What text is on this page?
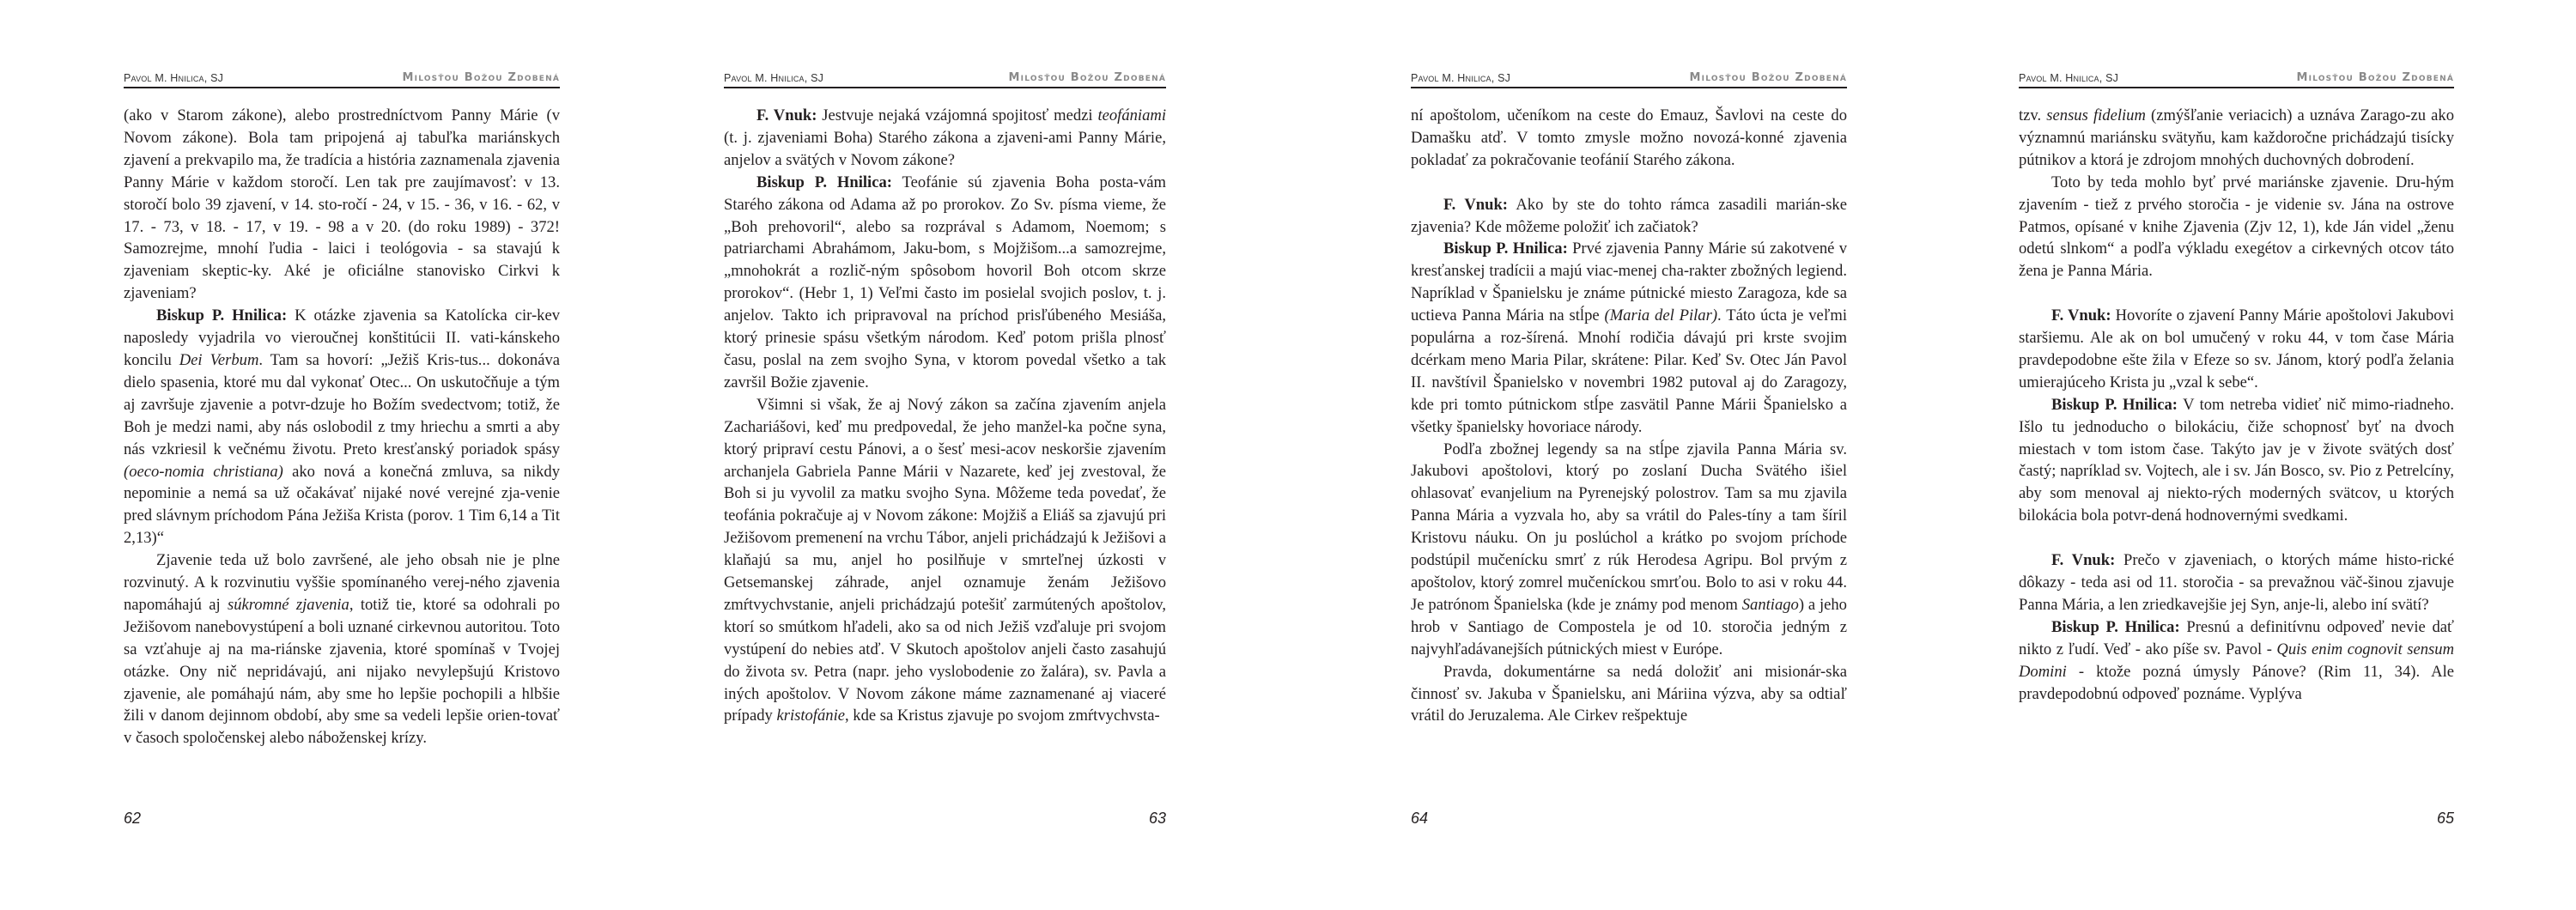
Pavol M. Hnilica, SJ	Milosťou Božou Zdobená

(ako v Starom zákone), alebo prostredníctvom Panny Márie (v Novom zákone). Bola tam pripojená aj tabuľka mariánskych zjavení a prekvapilo ma, že tradícia a história zaznamenala zjavenia Panny Márie v každom storočí. Len tak pre zaujímavosť: v 13. storočí bolo 39 zjavení, v 14. sto-ročí - 24, v 15. - 36, v 16. - 62, v 17. - 73, v 18. - 17, v 19. - 98 a v 20. (do roku 1989) - 372! Samozrejme, mnohí ľudia - laici i teológovia - sa stavajú k zjaveniam skeptic-ky. Aké je oficiálne stanovisko Cirkvi k zjaveniam?

Biskup P. Hnilica: K otázke zjavenia sa Katolícka cir-kev naposledy vyjadrila vo vieroučnej konštitúcii II. vati-kánskeho koncilu Dei Verbum. Tam sa hovorí: „Ježiš Kris-tus... dokonáva dielo spasenia, ktoré mu dal vykonať Otec... On uskutočňuje a tým aj završuje zjavenie a potvr-dzuje ho Božím svedectvom; totiž, že Boh je medzi nami, aby nás oslobodil z tmy hriechu a smrti a aby nás vzkriesil k večnému životu. Preto kresťanský poriadok spásy (oeco-nomia christiana) ako nová a konečná zmluva, sa nikdy nepominie a nemá sa už očakávať nijaké nové verejné zja-venie pred slávnym príchodom Pána Ježiša Krista (porov. 1 Tim 6,14 a Tit 2,13)“

Zjavenie teda už bolo završené, ale jeho obsah nie je plne rozvinutý. A k rozvinutiu vyššie spomínaného verej-ného zjavenia napomáhajú aj súkromné zjavenia, totiž tie, ktoré sa odohrali po Ježišovom nanebovystúpení a boli uznané cirkevnou autoritou. Toto sa vzťahuje aj na ma-riánske zjavenia, ktoré spomínaš v Tvojej otázke. Ony nič nepridávajú, ani nijako nevylepšujú Kristovo zjavenie, ale pomáhajú nám, aby sme ho lepšie pochopili a hlbšie žili v danom dejinnom období, aby sme sa vedeli lepšie orien-tovať v časoch spoločenskej alebo náboženskej krízy.

62
Pavol M. Hnilica, SJ	Milosťou Božou Zdobená

F. Vnuk: Jestvuje nejaká vzájomná spojitosť medzi teofániami (t. j. zjaveniami Boha) Starého zákona a zjaveni-ami Panny Márie, anjelov a svätých v Novom zákone?

Biskup P. Hnilica: Teofánie sú zjavenia Boha posta-vám Starého zákona od Adama až po prorokov. Zo Sv. písma vieme, že „Boh prehovoril“, alebo sa rozprával s Adamom, Noemom; s patriarchami Abrahámom, Jaku-bom, s Mojžišom...a samozrejme, „mnohokrát a rozlič-ným spôsobom hovoril Boh otcom skrze prorokov“. (Hebr 1, 1) Veľmi často im posielal svojich poslov, t. j. anjelov. Takto ich pripravoval na príchod prisľúbeného Mesiáša, ktorý prinesie spásu všetkým národom. Keď potom prišla plnosť času, poslal na zem svojho Syna, v ktorom povedal všetko a tak završil Božie zjavenie.

Všimni si však, že aj Nový zákon sa začína zjavením anjela Zachariášovi, keď mu predpovedal, že jeho manžel-ka počne syna, ktorý pripraví cestu Pánovi, a o šesť mesi-acov neskoršie zjavením archanjela Gabriela Panne Márii v Nazarete, keď jej zvestoval, že Boh si ju vyvolil za matku svojho Syna. Môžeme teda povedať, že teofánia pokračuje aj v Novom zákone: Mojžiš a Eliáš sa zjavujú pri Ježišovom premenení na vrchu Tábor, anjeli prichádzajú k Ježišovi a klaňajú sa mu, anjel ho posilňuje v smrteľnej úzkosti v Getsemanskej záhrade, anjel oznamuje ženám Ježišovo zmŕtvychvstanie, anjeli prichádzajú potešiť zarmútených apoštolov, ktorí so smútkom hľadeli, ako sa od nich Ježiš vzďaluje pri svojom vystúpení do nebies atď. V Skutoch apoštolov anjeli často zasahujú do života sv. Petra (napr. jeho vyslobodenie zo žalára), sv. Pavla a iných apoštolov. V Novom zákone máme zaznamenané aj viaceré prípady kristofánie, kde sa Kristus zjavuje po svojom zmŕtvychvsta-

63
Pavol M. Hnilica, SJ	Milosťou Božou Zdobená

ní apoštolom, učeníkom na ceste do Emauz, Šavlovi na ceste do Damašku atď. V tomto zmysle možno novozá-konné zjavenia pokladať za pokračovanie teofánií Starého zákona.

F. Vnuk: Ako by ste do tohto rámca zasadili marián-ske zjavenia? Kde môžeme položiť ich začiatok?

Biskup P. Hnilica: Prvé zjavenia Panny Márie sú zakotvené v kresťanskej tradícii a majú viac-menej cha-rakter zbožných legiend. Napríklad v Španielsku je známe pútnické miesto Zaragoza, kde sa uctieva Panna Mária na stĺpe (Maria del Pilar). Táto úcta je veľmi populárna a roz-šírená. Mnohí rodičia dávajú pri krste svojim dcérkam meno Maria Pilar, skrátene: Pilar. Keď Sv. Otec Ján Pavol II. navštívil Španielsko v novembri 1982 putoval aj do Zaragozy, kde pri tomto pútnickom stĺpe zasvätil Panne Márii Španielsko a všetky španielsky hovoriace národy.

Podľa zbožnej legendy sa na stĺpe zjavila Panna Mária sv. Jakubovi apoštolovi, ktorý po zoslaní Ducha Svätého išiel ohlasovať evanjelium na Pyrenejský polostrov. Tam sa mu zjavila Panna Mária a vyzvala ho, aby sa vrátil do Pales-tíny a tam šíril Kristovu náuku. On ju poslúchol a krátko po svojom príchode podstúpil mučenícku smrť z rúk Herodesa Agripu. Bol prvým z apoštolov, ktorý zomrel mučeníckou smrťou. Bolo to asi v roku 44. Je patrónom Španielska (kde je známy pod menom Santiago) a jeho hrob v Santiago de Compostela je od 10. storočia jedným z najvyhľadávanejších pútnických miest v Európe.

Pravda, dokumentárne sa nedá doložiť ani misionár-ska činnosť sv. Jakuba v Španielsku, ani Máriina výzva, aby sa odtiaľ vrátil do Jeruzalema. Ale Cirkev rešpektuje

64
Pavol M. Hnilica, SJ	Milosťou Božou Zdobená

tzv. sensus fidelium (zmýšľanie veriacich) a uznáva Zarago-zu ako významnú mariánsku svätyňu, kam každoročne prichádzajú tisícky pútnikov a ktorá je zdrojom mnohých duchovných dobrodení.

Toto by teda mohlo byť prvé mariánske zjavenie. Dru-hým zjavením - tiež z prvého storočia - je videnie sv. Jána na ostrove Patmos, opísané v knihe Zjavenia (Zjv 12, 1), kde Ján videl „ženu odetú slnkom“ a podľa výkladu exegétov a cirkevných otcov táto žena je Panna Mária.

F. Vnuk: Hovoríte o zjavení Panny Márie apoštolovi Jakubovi staršiemu. Ale ak on bol umučený v roku 44, v tom čase Mária pravdepodobne ešte žila v Efeze so sv. Jánom, ktorý podľa želania umierajúceho Krista ju „vzal k sebe“.

Biskup P. Hnilica: V tom netreba vidieť nič mimo-riadneho. Išlo tu jednoducho o bilokáciu, čiže schopnosť byť na dvoch miestach v tom istom čase. Takýto jav je v živote svätých dosť častý; napríklad sv. Vojtech, ale i sv. Ján Bosco, sv. Pio z Petrelcíny, aby som menoval aj niekto-rých moderných svätcov, u ktorých bilokácia bola potvr-dená hodnovernými svedkami.

F. Vnuk: Prečo v zjaveniach, o ktorých máme histo-rické dôkazy - teda asi od 11. storočia - sa prevažnou väč-šinou zjavuje Panna Mária, a len zriedkavejšie jej Syn, anje-li, alebo iní svätí?

Biskup P. Hnilica: Presnú a definitívnu odpoveď nevie dať nikto z ľudí. Veď - ako píše sv. Pavol - Quis enim cognovit sensum Domini - ktože pozná úmysly Pánove? (Rim 11, 34). Ale pravdepodobnú odpoveď poznáme. Vyplýva

65
